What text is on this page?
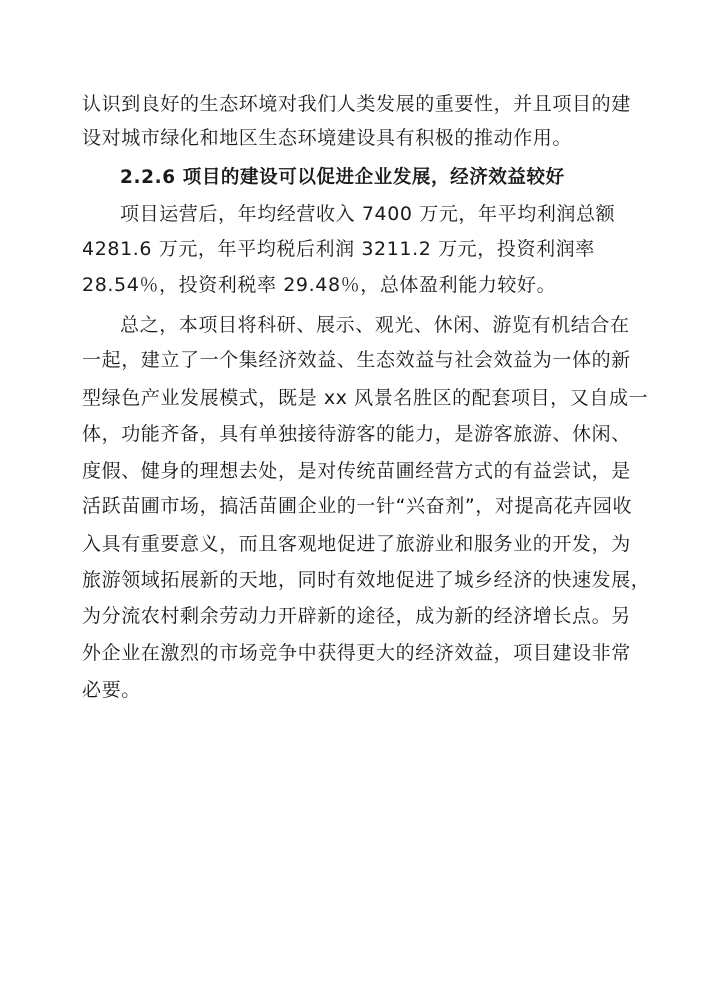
认识到良好的生态环境对我们人类发展的重要性，并且项目的建
设对城市绿化和地区生态环境建设具有积极的推动作用。
2.2.6 项目的建设可以促进企业发展，经济效益较好
项目运营后，年均经营收入 7400 万元，年平均利润总额
4281.6 万元，年平均税后利润 3211.2 万元，投资利润率
28.54％，投资利税率 29.48％，总体盈利能力较好。
总之，本项目将科研、展示、观光、休闲、游览有机结合在
一起，建立了一个集经济效益、生态效益与社会效益为一体的新
型绿色产业发展模式，既是 xx 风景名胜区的配套项目，又自成一
体，功能齐备，具有单独接待游客的能力，是游客旅游、休闲、
度假、健身的理想去处，是对传统苗圃经营方式的有益尝试，是
活跃苗圃市场，搞活苗圃企业的一针“兴奋剂”，对提高花卉园收
入具有重要意义，而且客观地促进了旅游业和服务业的开发，为
旅游领域拓展新的天地，同时有效地促进了城乡经济的快速发展，
为分流农村剩余劳动力开辟新的途径，成为新的经济增长点。另
外企业在激烈的市场竞争中获得更大的经济效益，项目建设非常
必要。
